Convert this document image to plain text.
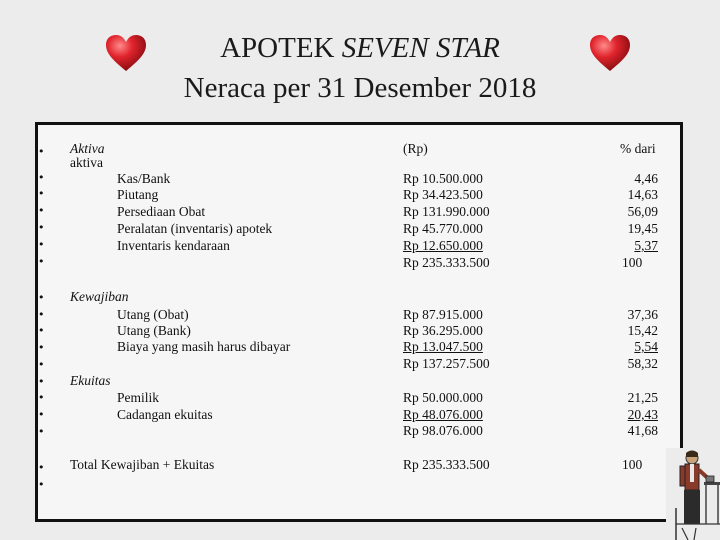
APOTEK SEVEN STAR
Neraca per 31 Desember 2018
•
•
•
•
•
•
•
•
•
•
•
•
•
•
•
•
•
•
Aktiva
aktiva
(Rp)	% dari
Kas/Bank	Rp 10.500.000	4,46
Piutang	Rp 34.423.500	14,63
Persediaan Obat	Rp 131.990.000	56,09
Peralatan (inventaris) apotek	Rp 45.770.000	19,45
Inventaris kendaraan	Rp 12.650.000	5,37
Rp 235.333.500	100
Kewajiban
Utang (Obat)	Rp 87.915.000	37,36
Utang (Bank)	Rp 36.295.000	15,42
Biaya yang masih harus dibayar	Rp 13.047.500	5,54
Rp 137.257.500	58,32
Ekuitas
Pemilik	Rp 50.000.000	21,25
Cadangan ekuitas	Rp 48.076.000	20,43
Rp 98.076.000	41,68
Total Kewajiban + Ekuitas	Rp 235.333.500	100
